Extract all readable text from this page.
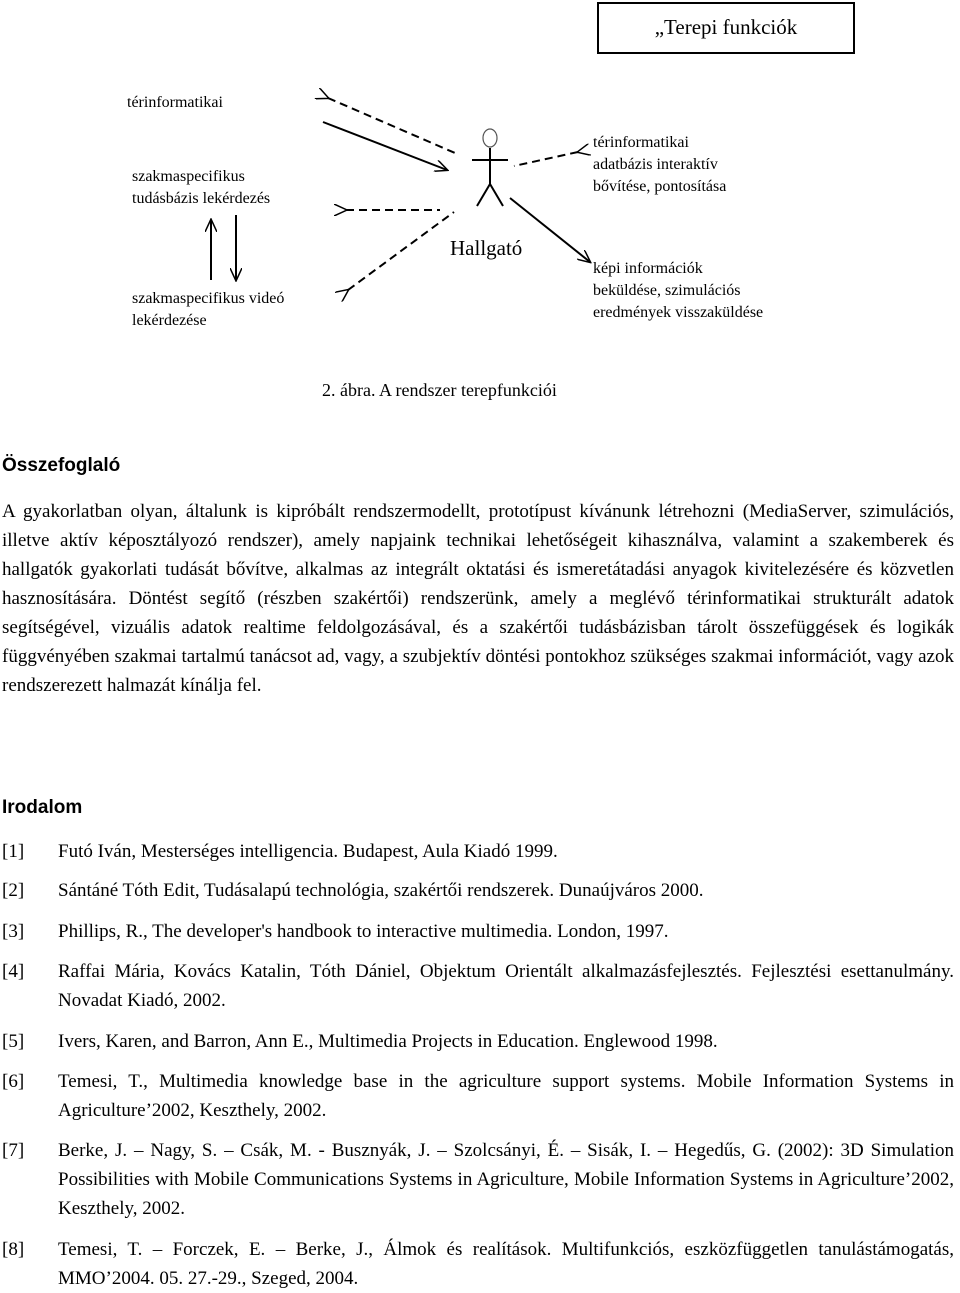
„Terepi funkciók
térinformatikai
szakmaspecifikus
tudásbázis lekérdezés
szakmaspecifikus videó
lekérdezése
Hallgató
térinformatikai
adatbázis interaktív
bővítése, pontosítása
képi információk
beküldése, szimulációs
eredmények visszaküldése
2. ábra. A rendszer terepfunkciói
Összefoglaló
A gyakorlatban olyan, általunk is kipróbált rendszermodellt, prototípust kívánunk létrehozni (MediaServer, szimulációs, illetve aktív képosztályozó rendszer), amely napjaink technikai lehetőségeit kihasználva, valamint a szakemberek és hallgatók gyakorlati tudását bővítve, alkalmas az integrált oktatási és ismeretátadási anyagok kivitelezésére és közvetlen hasznosítására. Döntést segítő (részben szakértői) rendszerünk, amely a meglévő térinformatikai strukturált adatok segítségével, vizuális adatok realtime feldolgozásával, és a szakértői tudásbázisban tárolt összefüggések és logikák függvényében szakmai tartalmú tanácsot ad, vagy, a szubjektív döntési pontokhoz szükséges szakmai információt, vagy azok rendszerezett halmazát kínálja fel.
Irodalom
[1] Futó Iván, Mesterséges intelligencia. Budapest, Aula Kiadó 1999.
[2] Sántáné Tóth Edit, Tudásalapú technológia, szakértői rendszerek. Dunaújváros 2000.
[3] Phillips, R., The developer's handbook to interactive multimedia. London, 1997.
[4] Raffai Mária, Kovács Katalin, Tóth Dániel, Objektum Orientált alkalmazásfejlesztés. Fejlesztési esettanulmány. Novadat Kiadó, 2002.
[5] Ivers, Karen, and Barron, Ann E., Multimedia Projects in Education. Englewood 1998.
[6] Temesi, T., Multimedia knowledge base in the agriculture support systems. Mobile Information Systems in Agriculture’2002, Keszthely, 2002.
[7] Berke, J. – Nagy, S. – Csák, M. - Busznyák, J. – Szolcsányi, É. – Sisák, I. – Hegedűs, G. (2002): 3D Simulation Possibilities with Mobile Communications Systems in Agriculture, Mobile Information Systems in Agriculture’2002, Keszthely, 2002.
[8] Temesi, T. – Forczek, E. – Berke, J., Álmok és realítások. Multifunkciós, eszközfüggetlen tanulástámogatás, MMO’2004. 05. 27.-29., Szeged, 2004.
